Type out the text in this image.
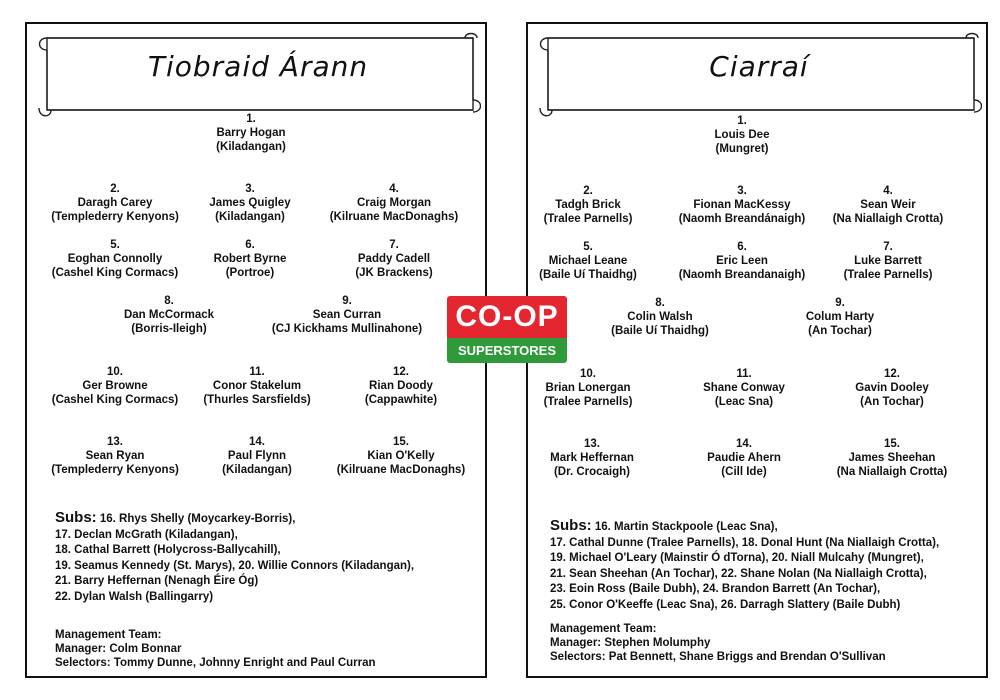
Tiobraid Árann
1.
Barry Hogan
(Kiladangan)
2.
Daragh Carey
(Templederry Kenyons)
3.
James Quigley
(Kiladangan)
4.
Craig Morgan
(Kilruane MacDonaghs)
5.
Eoghan Connolly
(Cashel King Cormacs)
6.
Robert Byrne
(Portroe)
7.
Paddy Cadell
(JK Brackens)
8.
Dan McCormack
(Borris-Ileigh)
9.
Sean Curran
(CJ Kickhams Mullinahone)
10.
Ger Browne
(Cashel King Cormacs)
11.
Conor Stakelum
(Thurles Sarsfields)
12.
Rian Doody
(Cappawhite)
13.
Sean Ryan
(Templederry Kenyons)
14.
Paul Flynn
(Kiladangan)
15.
Kian O'Kelly
(Kilruane MacDonaghs)
Subs: 16. Rhys Shelly (Moycarkey-Borris),
17. Declan McGrath (Kiladangan),
18. Cathal Barrett (Holycross-Ballycahill),
19. Seamus Kennedy (St. Marys), 20. Willie Connors (Kiladangan),
21. Barry Heffernan (Nenagh Éire Óg)
22. Dylan Walsh (Ballingarry)
Management Team:
Manager: Colm Bonnar
Selectors: Tommy Dunne, Johnny Enright and Paul Curran
Ciarraí
1.
Louis Dee
(Mungret)
2.
Tadgh Brick
(Tralee Parnells)
3.
Fionan MacKessy
(Naomh Breandánaigh)
4.
Sean Weir
(Na Niallaigh Crotta)
5.
Michael Leane
(Baile Uí Thaidhg)
6.
Eric Leen
(Naomh Breandanaigh)
7.
Luke Barrett
(Tralee Parnells)
8.
Colin Walsh
(Baile Uí Thaidhg)
9.
Colum Harty
(An Tochar)
10.
Brian Lonergan
(Tralee Parnells)
11.
Shane Conway
(Leac Sna)
12.
Gavin Dooley
(An Tochar)
13.
Mark Heffernan
(Dr. Crocaigh)
14.
Paudie Ahern
(Cill Ide)
15.
James Sheehan
(Na Niallaigh Crotta)
Subs: 16. Martin Stackpoole (Leac Sna),
17. Cathal Dunne (Tralee Parnells), 18. Donal Hunt (Na Niallaigh Crotta),
19. Michael O'Leary (Mainstir Ó dTorna), 20. Niall Mulcahy (Mungret),
21. Sean Sheehan (An Tochar), 22. Shane Nolan (Na Niallaigh Crotta),
23. Eoin Ross (Baile Dubh), 24. Brandon Barrett (An Tochar),
25. Conor O'Keeffe (Leac Sna), 26. Darragh Slattery (Baile Dubh)
Management Team:
Manager: Stephen Molumphy
Selectors: Pat Bennett, Shane Briggs and Brendan O'Sullivan
CO-OP
SUPERSTORES
